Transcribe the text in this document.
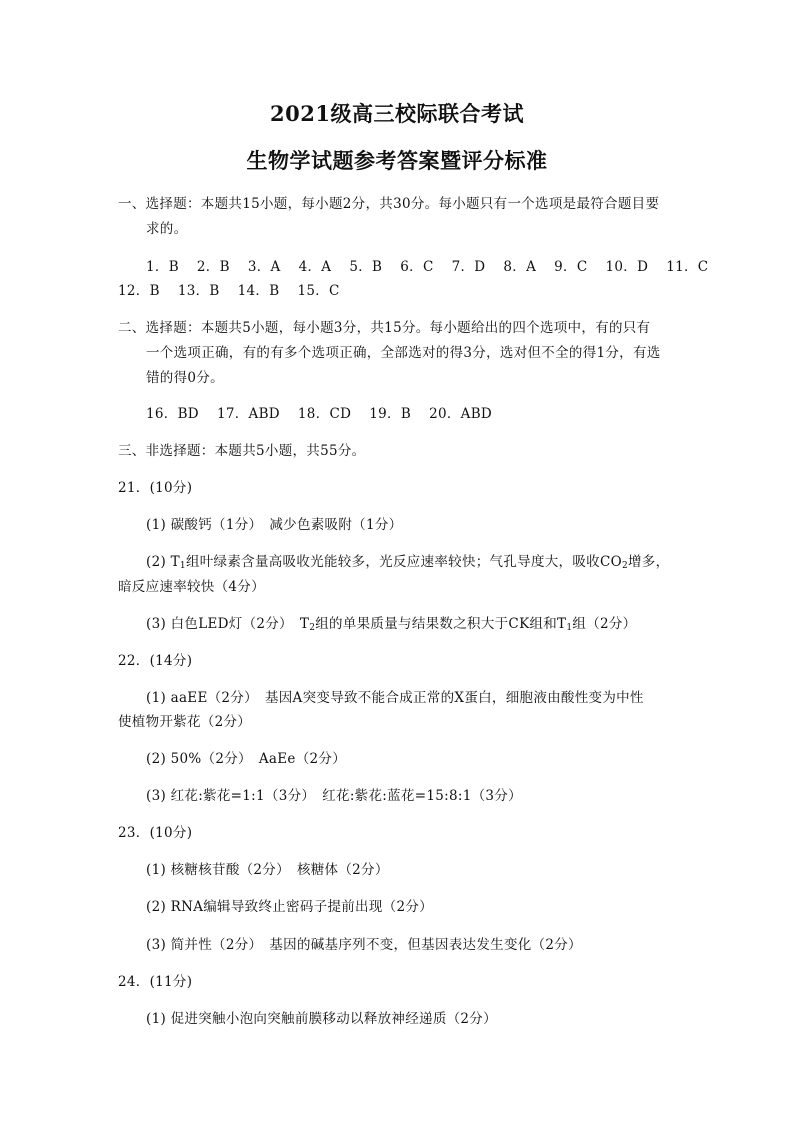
2021级高三校际联合考试
生物学试题参考答案暨评分标准
一、选择题：本题共15小题，每小题2分，共30分。每小题只有一个选项是最符合题目要
求的。
1．B 2．B 3．A 4．A 5．B 6．C 7．D 8．A 9．C 10．D 11．C
12．B 13．B 14．B 15．C
二、选择题：本题共5小题，每小题3分，共15分。每小题给出的四个选项中，有的只有
一个选项正确，有的有多个选项正确，全部选对的得3分，选对但不全的得1分，有选
错的得0分。
16．BD 17．ABD 18．CD 19．B 20．ABD
三、非选择题：本题共5小题，共55分。
21．(10分)
(1) 碳酸钙（1分）　减少色素吸附（1分）
(2) $T_1$组叶绿素含量高吸收光能较多，光反应速率较快；气孔导度大，吸收$CO_2$增多，
暗反应速率较快（4分）
(3) 白色LED灯（2分）　$T_2$组的单果质量与结果数之积大于CK组和$T_1$组（2分）
22．(14分)
(1) aaEE（2分）　基因A突变导致不能合成正常的X蛋白，细胞液由酸性变为中性
使植物开紫花（2分）
(2) 50%（2分）　AaEe（2分）
(3) 红花:紫花=1:1（3分）　红花:紫花:蓝花=15:8:1（3分）
23．(10分)
(1) 核糖核苷酸（2分）　核糖体（2分）
(2) RNA编辑导致终止密码子提前出现（2分）
(3) 简并性（2分）　基因的碱基序列不变，但基因表达发生变化（2分）
24．(11分)
(1) 促进突触小泡向突触前膜移动以释放神经递质（2分）
